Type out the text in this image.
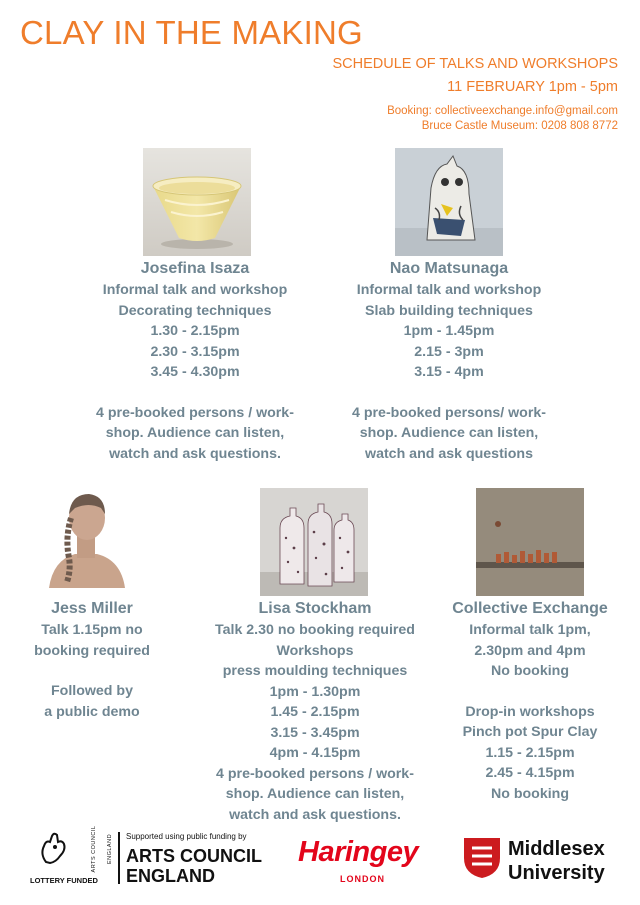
CLAY IN THE MAKING
SCHEDULE OF TALKS AND WORKSHOPS
11 FEBRUARY 1pm - 5pm
Booking: collectiveexchange.info@gmail.com
Bruce Castle Museum: 0208 808 8772
Josefina Isaza
Informal talk and workshop
Decorating techniques
1.30 - 2.15pm
2.30 - 3.15pm
3.45 - 4.30pm
4 pre-booked persons / work-
shop. Audience can listen,
watch and ask questions.
Nao Matsunaga
Informal talk and workshop
Slab building techniques
1pm - 1.45pm
2.15 - 3pm
3.15 - 4pm
4 pre-booked persons/ work-
shop. Audience can listen,
watch and ask questions
Jess Miller
Talk 1.15pm no
booking required
Followed by
a public demo
Lisa Stockham
Talk 2.30 no booking required
Workshops
press moulding techniques
1pm - 1.30pm
1.45 - 2.15pm
3.15 - 3.45pm
4pm - 4.15pm
4 pre-booked persons / work-
shop. Audience can listen,
watch and ask questions.
Collective Exchange
Informal talk 1pm,
2.30pm and 4pm
No booking
Drop-in workshops
Pinch pot Spur Clay
1.15 - 2.15pm
2.45 - 4.15pm
No booking
LOTTERY FUNDED
ARTS COUNCIL ENGLAND Supported using public funding by
ARTS COUNCIL
ENGLAND
Haringey
LONDON
Middlesex
University
